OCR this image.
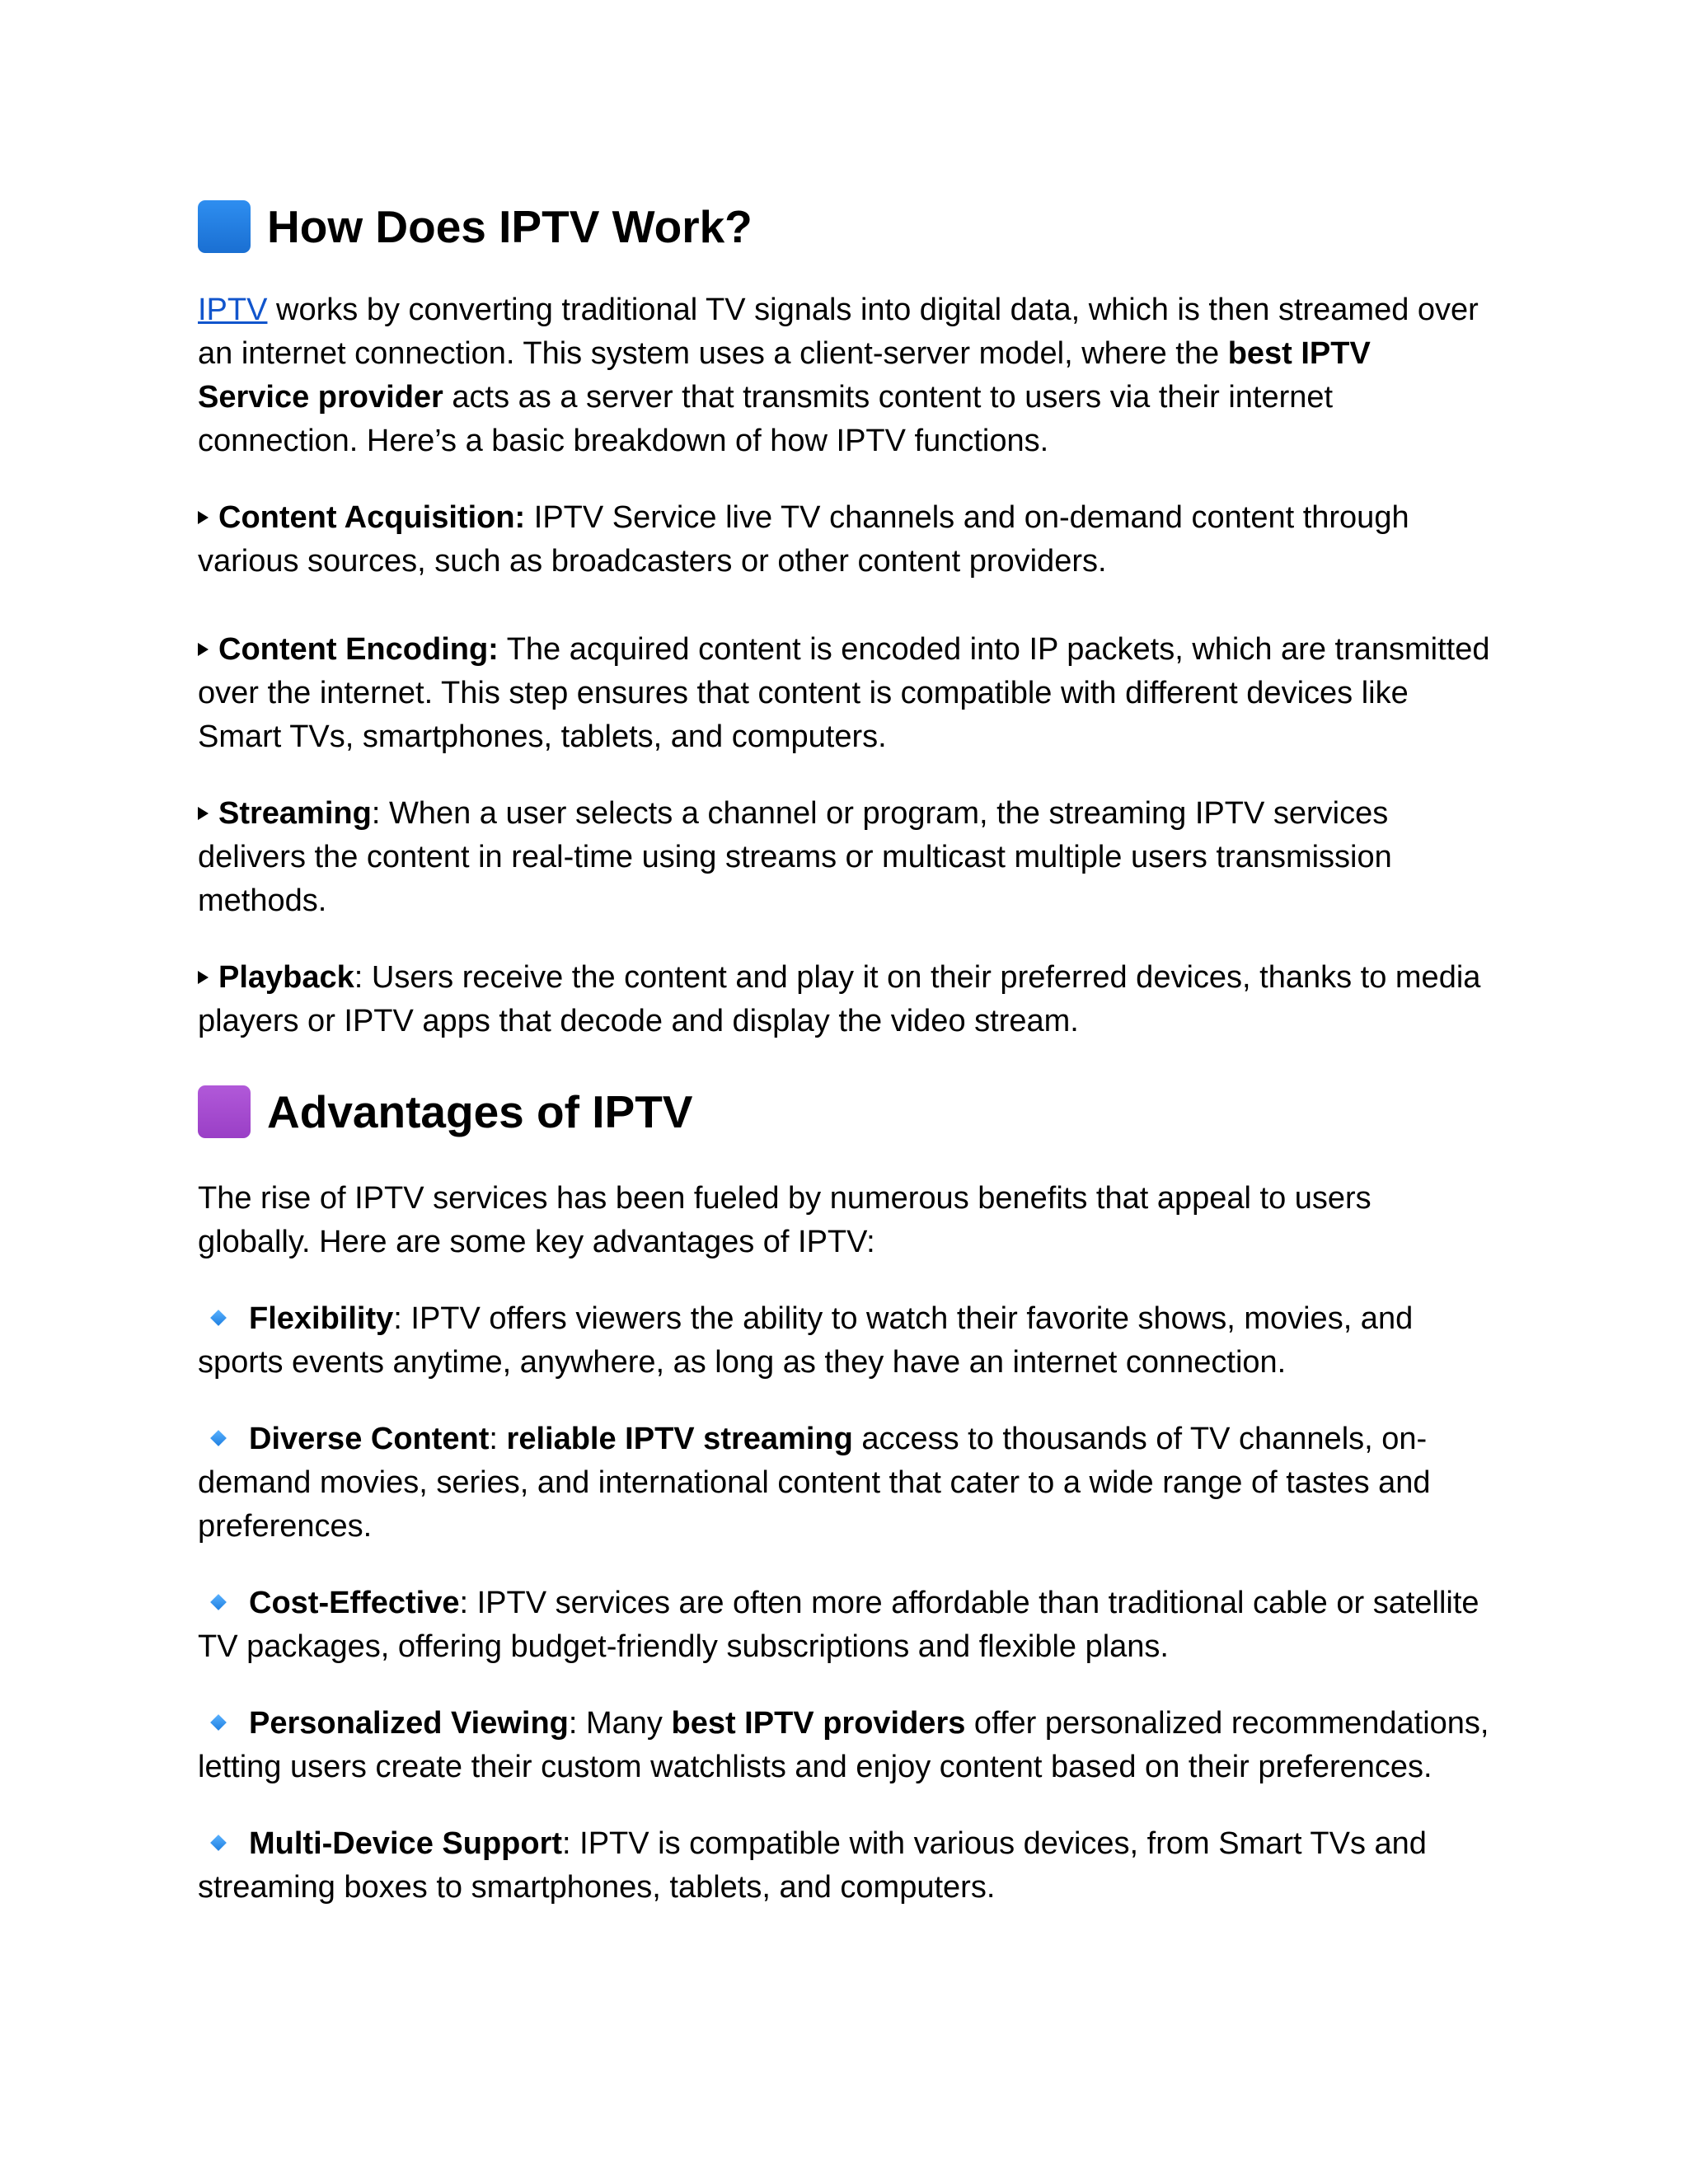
How Does IPTV Work?

IPTV works by converting traditional TV signals into digital data, which is then streamed over an internet connection. This system uses a client-server model, where the best IPTV Service provider acts as a server that transmits content to users via their internet connection. Here’s a basic breakdown of how IPTV functions.

Content Acquisition: IPTV Service live TV channels and on-demand content through various sources, such as broadcasters or other content providers.

Content Encoding: The acquired content is encoded into IP packets, which are transmitted over the internet. This step ensures that content is compatible with different devices like Smart TVs, smartphones, tablets, and computers.

Streaming: When a user selects a channel or program, the streaming IPTV services delivers the content in real-time using streams or multicast multiple users transmission methods.

Playback: Users receive the content and play it on their preferred devices, thanks to media players or IPTV apps that decode and display the video stream.

Advantages of IPTV

The rise of IPTV services has been fueled by numerous benefits that appeal to users globally. Here are some key advantages of IPTV:

Flexibility: IPTV offers viewers the ability to watch their favorite shows, movies, and sports events anytime, anywhere, as long as they have an internet connection.

Diverse Content: reliable IPTV streaming access to thousands of TV channels, on-demand movies, series, and international content that cater to a wide range of tastes and preferences.

Cost-Effective: IPTV services are often more affordable than traditional cable or satellite TV packages, offering budget-friendly subscriptions and flexible plans.

Personalized Viewing: Many best IPTV providers offer personalized recommendations, letting users create their custom watchlists and enjoy content based on their preferences.

Multi-Device Support: IPTV is compatible with various devices, from Smart TVs and streaming boxes to smartphones, tablets, and computers.
